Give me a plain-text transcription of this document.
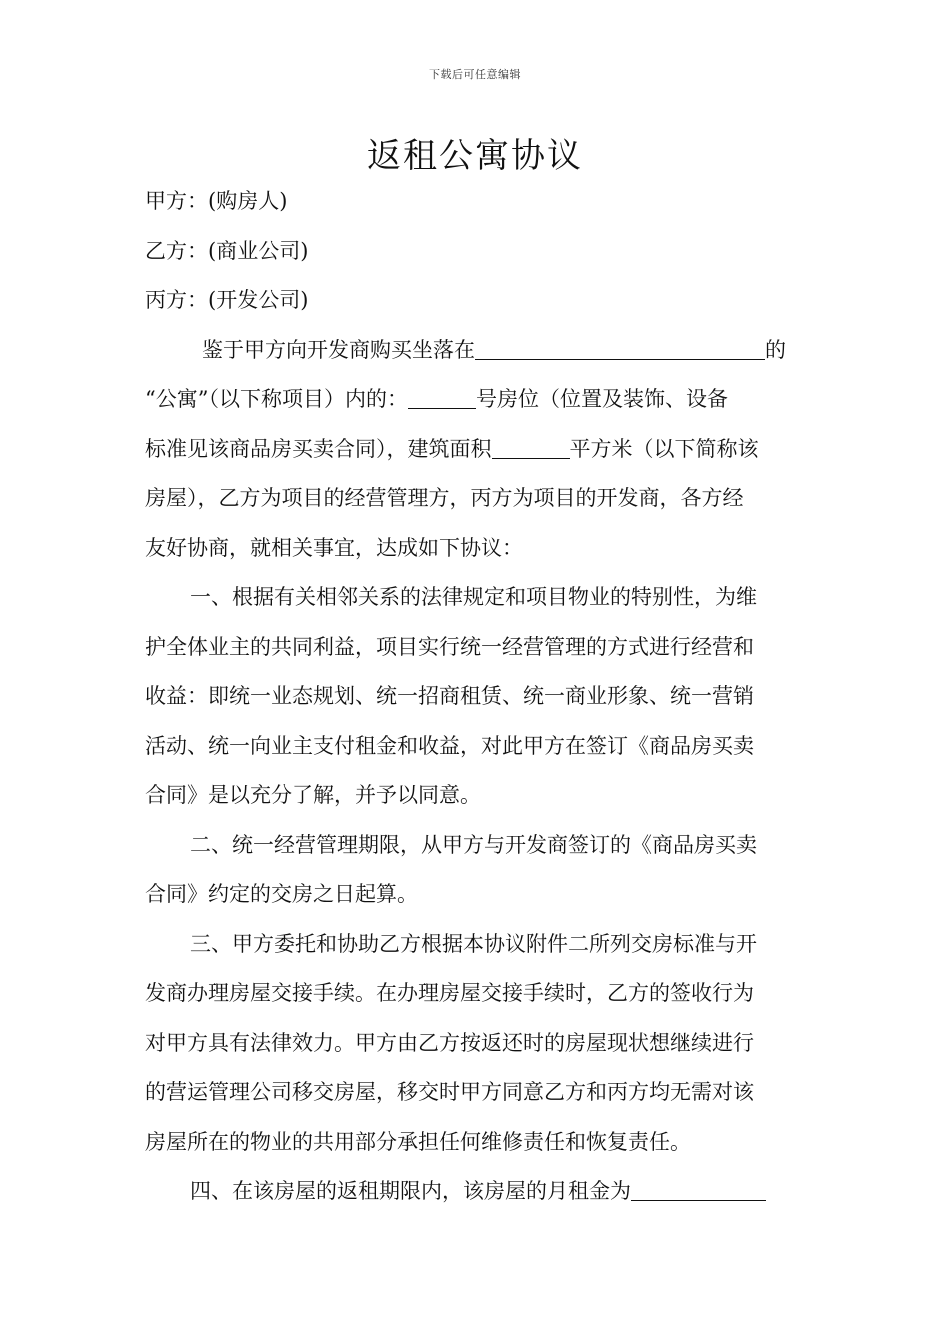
下载后可任意编辑
返租公寓协议
甲方：(购房人)
乙方：(商业公司)
丙方：(开发公司)
鉴于甲方向开发商购买坐落在	的
“公寓”（以下称项目）内的：	号房位（位置及装饰、设备
标准见该商品房买卖合同），建筑面积	平方米（以下简称该
房屋），乙方为项目的经营管理方，丙方为项目的开发商，各方经
友好协商，就相关事宜，达成如下协议：
一、根据有关相邻关系的法律规定和项目物业的特别性，为维
护全体业主的共同利益，项目实行统一经营管理的方式进行经营和
收益：即统一业态规划、统一招商租赁、统一商业形象、统一营销
活动、统一向业主支付租金和收益，对此甲方在签订《商品房买卖
合同》是以充分了解，并予以同意。
二、统一经营管理期限，从甲方与开发商签订的《商品房买卖
合同》约定的交房之日起算。
三、甲方委托和协助乙方根据本协议附件二所列交房标准与开
发商办理房屋交接手续。在办理房屋交接手续时，乙方的签收行为
对甲方具有法律效力。甲方由乙方按返还时的房屋现状想继续进行
的营运管理公司移交房屋，移交时甲方同意乙方和丙方均无需对该
房屋所在的物业的共用部分承担任何维修责任和恢复责任。
四、在该房屋的返租期限内，该房屋的月租金为
